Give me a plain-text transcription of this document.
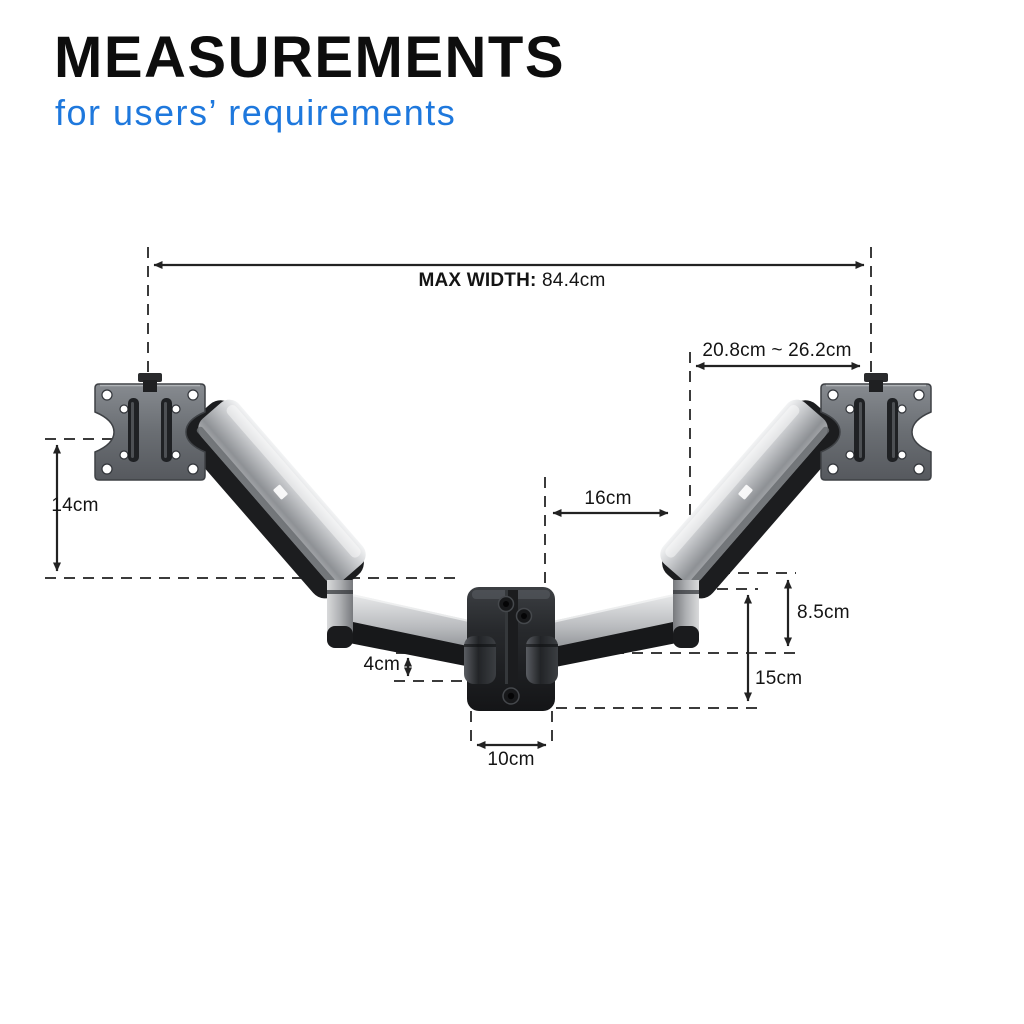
MEASUREMENTS
for users’ requirements
MAX WIDTH: 84.4cm
20.8cm ~ 26.2cm
16cm
14cm
8.5cm
15cm
4cm
10cm
